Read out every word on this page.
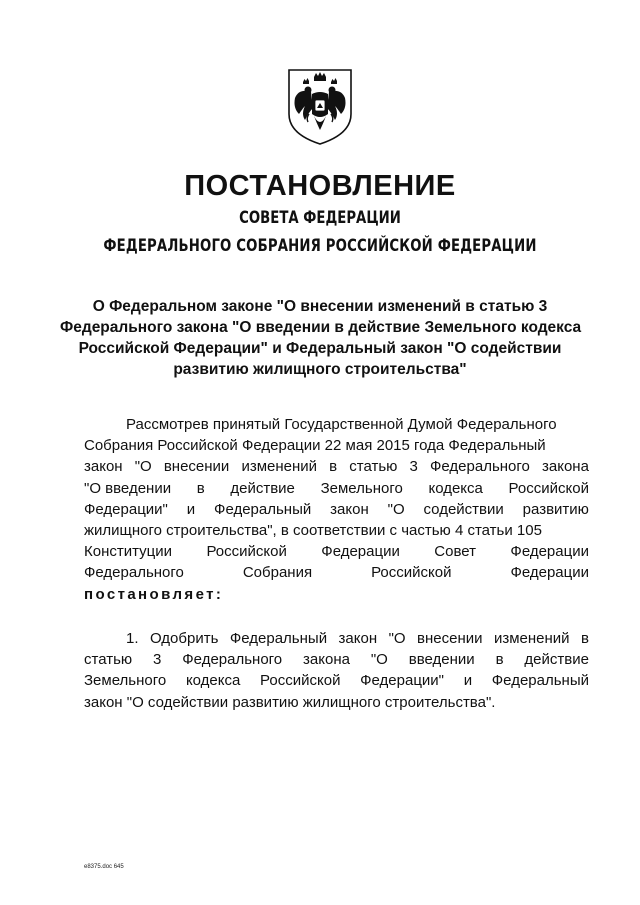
ПОСТАНОВЛЕНИЕ
СОВЕТА ФЕДЕРАЦИИ
ФЕДЕРАЛЬНОГО СОБРАНИЯ РОССИЙСКОЙ ФЕДЕРАЦИИ
О Федеральном законе "О внесении изменений в статью 3
Федерального закона "О введении в действие Земельного кодекса
Российской Федерации" и Федеральный закон "О содействии
развитию жилищного строительства"
Рассмотрев принятый Государственной Думой Федерального
Собрания Российской Федерации 22 мая 2015 года Федеральный
закон "О внесении изменений в статью 3 Федерального закона
"О введении в действие Земельного кодекса Российской
Федерации" и Федеральный закон "О содействии развитию
жилищного строительства", в соответствии с частью 4 статьи 105
Конституции Российской Федерации Совет Федерации
Федерального	Собрания	Российской	Федерации
постановляет:
1. Одобрить Федеральный закон "О внесении изменений в
статью 3 Федерального закона "О введении в действие
Земельного кодекса Российской Федерации" и Федеральный
закон "О содействии развитию жилищного строительства".
e8375.doc 645
